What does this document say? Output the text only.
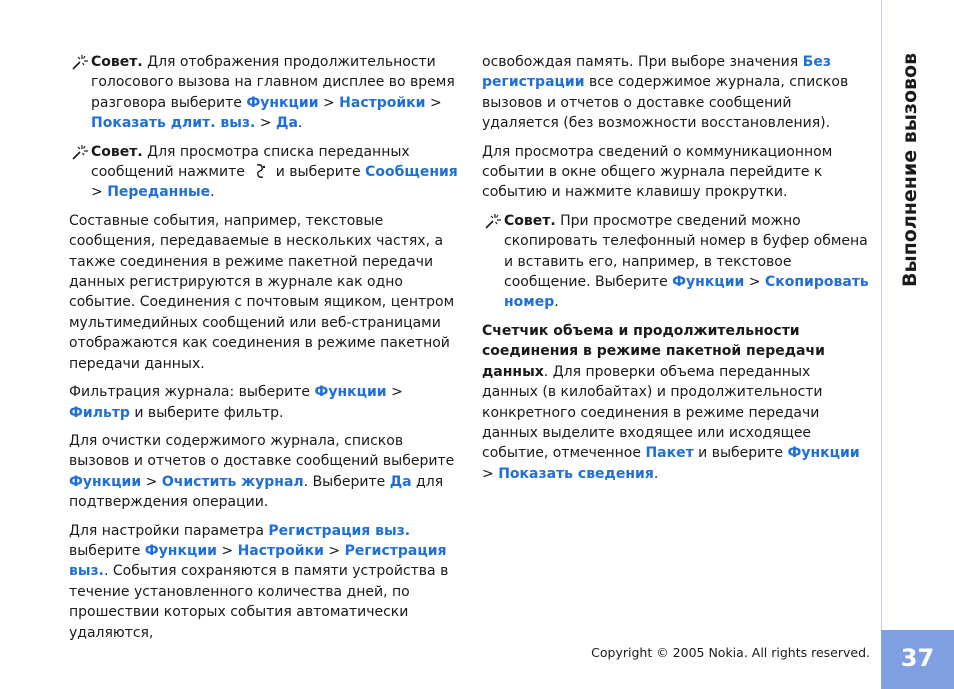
Совет. Для отображения продолжительности голосового вызова на главном дисплее во время разговора выберите Функции > Настройки > Показать длит. выз. > Да.

Совет. Для просмотра списка переданных сообщений нажмите  и выберите Сообщения > Переданные.

Составные события, например, текстовые сообщения, передаваемые в нескольких частях, а также соединения в режиме пакетной передачи данных регистрируются в журнале как одно событие. Соединения с почтовым ящиком, центром мультимедийных сообщений или веб-страницами отображаются как соединения в режиме пакетной передачи данных.

Фильтрация журнала: выберите Функции > Фильтр и выберите фильтр.

Для очистки содержимого журнала, списков вызовов и отчетов о доставке сообщений выберите Функции > Очистить журнал. Выберите Да для подтверждения операции.

Для настройки параметра Регистрация выз. выберите Функции > Настройки > Регистрация выз.. События сохраняются в памяти устройства в течение установленного количества дней, по прошествии которых события автоматически удаляются,

освобождая память. При выборе значения Без регистрации все содержимое журнала, списков вызовов и отчетов о доставке сообщений удаляется (без возможности восстановления).

Для просмотра сведений о коммуникационном событии в окне общего журнала перейдите к событию и нажмите клавишу прокрутки.

Совет. При просмотре сведений можно скопировать телефонный номер в буфер обмена и вставить его, например, в текстовое сообщение. Выберите Функции > Скопировать номер.

Счетчик объема и продолжительности соединения в режиме пакетной передачи данных. Для проверки объема переданных данных (в килобайтах) и продолжительности конкретного соединения в режиме передачи данных выделите входящее или исходящее событие, отмеченное Пакет и выберите Функции > Показать сведения.

Copyright © 2005 Nokia. All rights reserved.
Выполнение вызовов
37
